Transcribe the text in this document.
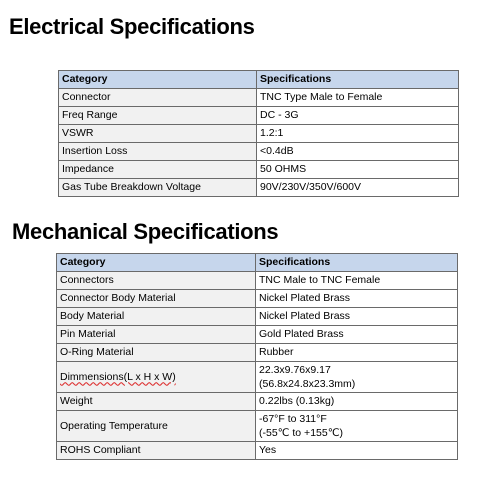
Electrical Specifications
Category	Specifications
Connector	TNC Type Male to Female
Freq Range	DC - 3G
VSWR	1.2:1
Insertion Loss	<0.4dB
Impedance	50 OHMS
Gas Tube Breakdown Voltage	90V/230V/350V/600V
Mechanical Specifications
Category	Specifications
Connectors	TNC Male to TNC Female
Connector Body Material	Nickel Plated Brass
Body Material	Nickel Plated Brass
Pin Material	Gold Plated Brass
O-Ring Material	Rubber
Dimmensions(L x H x W)	22.3x9.76x9.17
(56.8x24.8x23.3mm)

Weight	0.22lbs (0.13kg)
Operating Temperature	-67°F to 311°F
(-55℃ to +155℃)

ROHS Compliant	Yes
